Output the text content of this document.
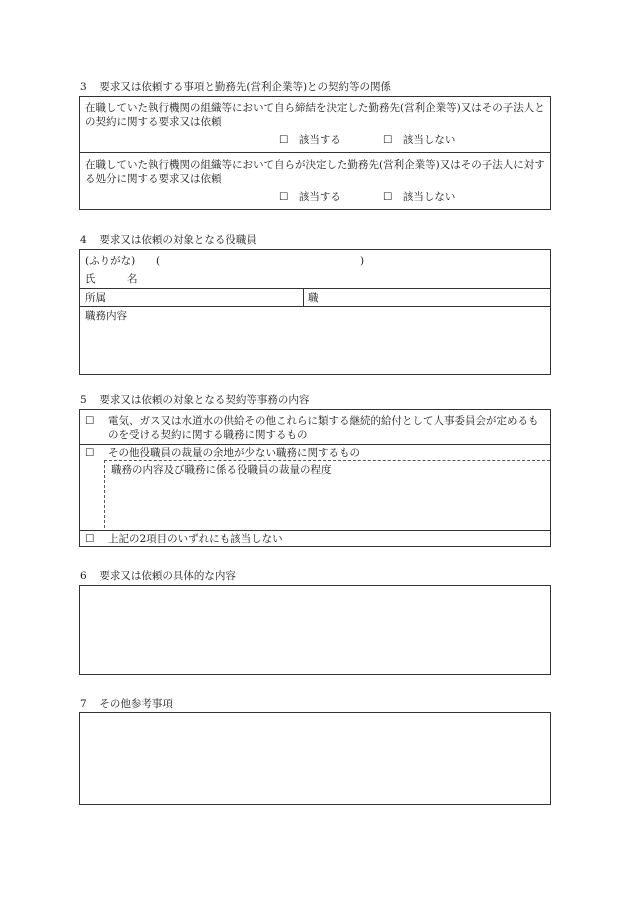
3 要求又は依頼する事項と勤務先(営利企業等)との契約等の関係
在職していた執行機関の組織等において自ら締結を決定した勤務先(営利企業等)又はその子法人との契約に関する要求又は依頼
☐　該当する	☐　該当しない
在職していた執行機関の組織等において自らが決定した勤務先(営利企業等)又はその子法人に対する処分に関する要求又は依頼
☐　該当する	☐　該当しない
4 要求又は依頼の対象となる役職員
(ふりがな) (	)
氏　　　名
所属	職
職務内容
5 要求又は依頼の対象となる契約等事務の内容
☐ 電気、ガス又は水道水の供給その他これらに類する継続的給付として人事委員会が定めるものを受ける契約に関する職務に関するもの
☐ その他役職員の裁量の余地が少ない職務に関するもの
職務の内容及び職務に係る役職員の裁量の程度
☐ 上記の2項目のいずれにも該当しない
6 要求又は依頼の具体的な内容
7 その他参考事項
